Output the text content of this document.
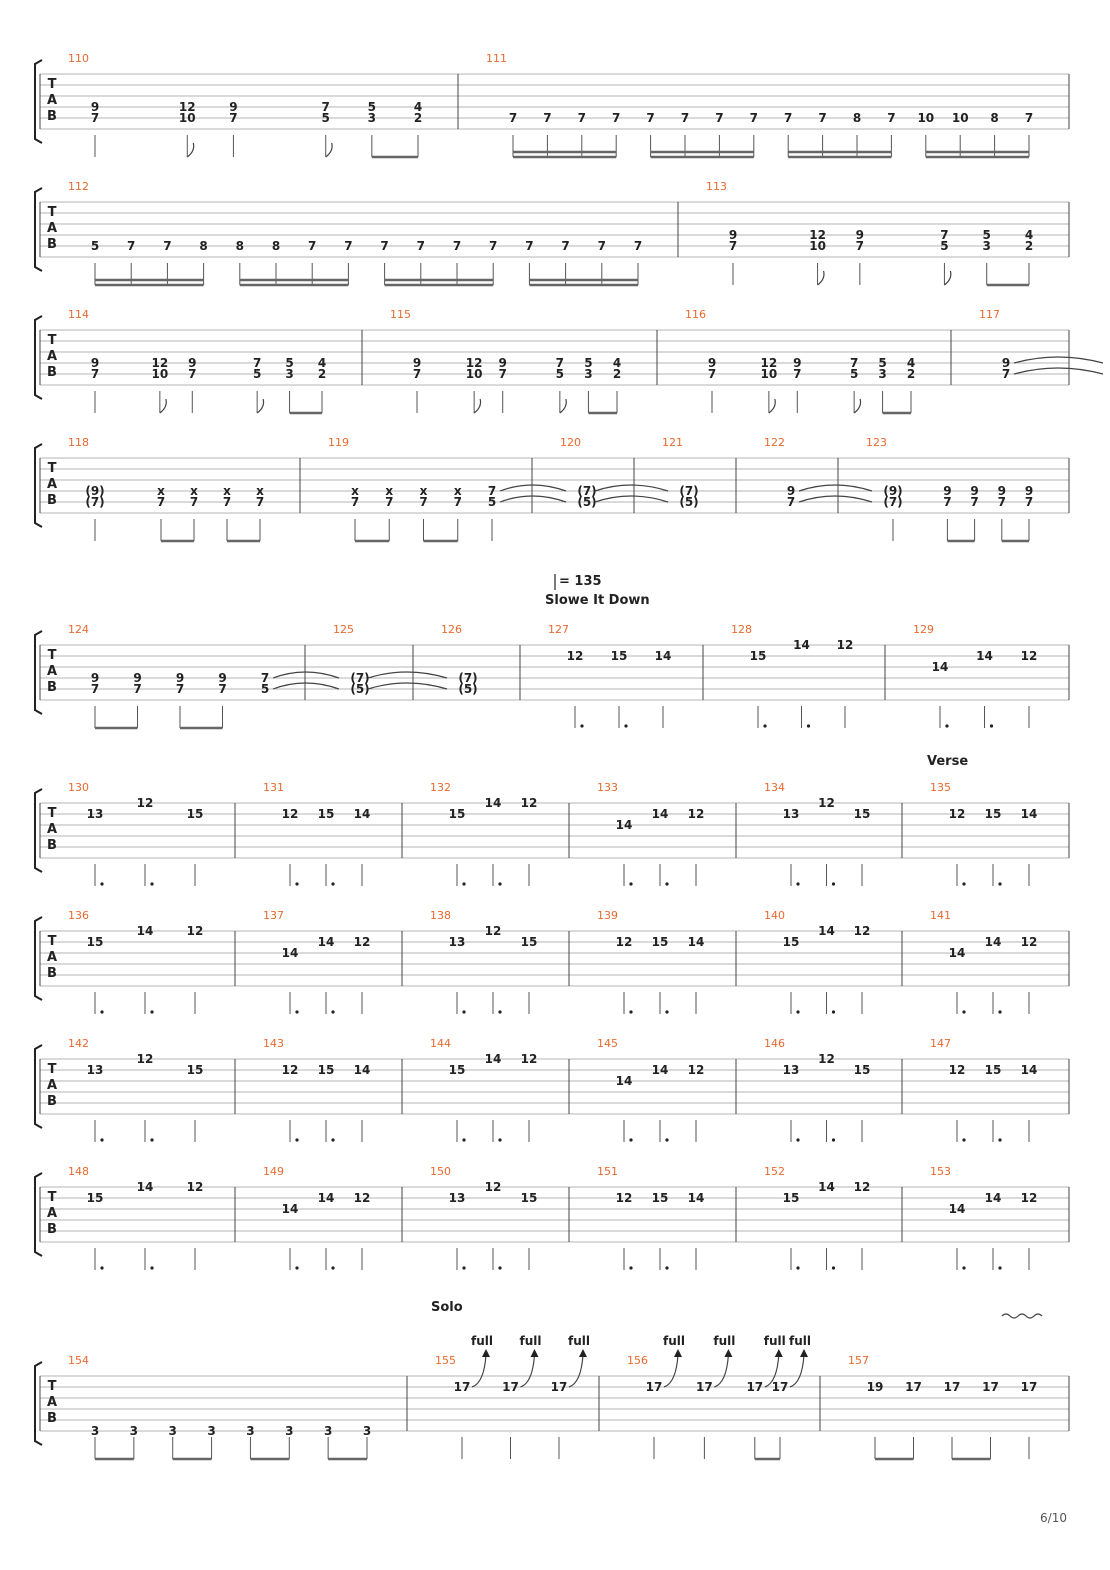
T
A
B
110
9
7
12
10
9
7
7
5
5
3
4
2
111
7 7 7 7 7 7 7 7 7 7 8 7 10 10 8 7
T
A
B
112
5 7 7 8 8 8 7 7 7 7 7 7 7 7 7 7
113
9
7
12
10
9
7
7
5
5
3
4
2
T
A
B
114
9
7
12
10
9
7
7
5
5
3
4
2
115
9
7
12
10
9
7
7
5
5
3
4
2
116
9
7
12
10
9
7
7
5
5
3
4
2
117
9
7
T
A
B
118
(9)
(7)
x
7
x
7
x
7
x
7
119
x
7
x
7
x
7
x
7
7
5
120
(7)
(5)
121
(7)
(5)
122
9
7
123
(9)
(7)
9
7
9
7
9
7
9
7
T
A
B
124
9
7
9
7
9
7
9
7
7
5
125
(7)
(5)
126
(7)
(5)
127
12 15 14
128
15
14 12
129
14
14 12
T
A
B
130
13
12
15
131
12 15 14
132
15
14 12
133
14
14 12
134
13
12
15
135
12 15 14
T
A
B
136
15
14	12
137
14
14 12
138
13
12
15
139
12 15 14
140
15
14 12
141
14
14 12
T
A
B
142
13
12
15
143
12 15 14
144
15
14 12
145
14
14 12
146
13
12
15
147
12 15 14
T
A
B
148
15
14	12
149
14
14 12
150
13
12
15
151
12 15 14
152
15
14 12
153
14
14 12
T
A
B
154
3	3	3	3	3	3	3	3
155
17
full
17
full
17
full
156
17
full
17
full
17
full
17
full
157
19 17 17 17 17
= 135
Slowe It Down
Verse
Solo
6/10
